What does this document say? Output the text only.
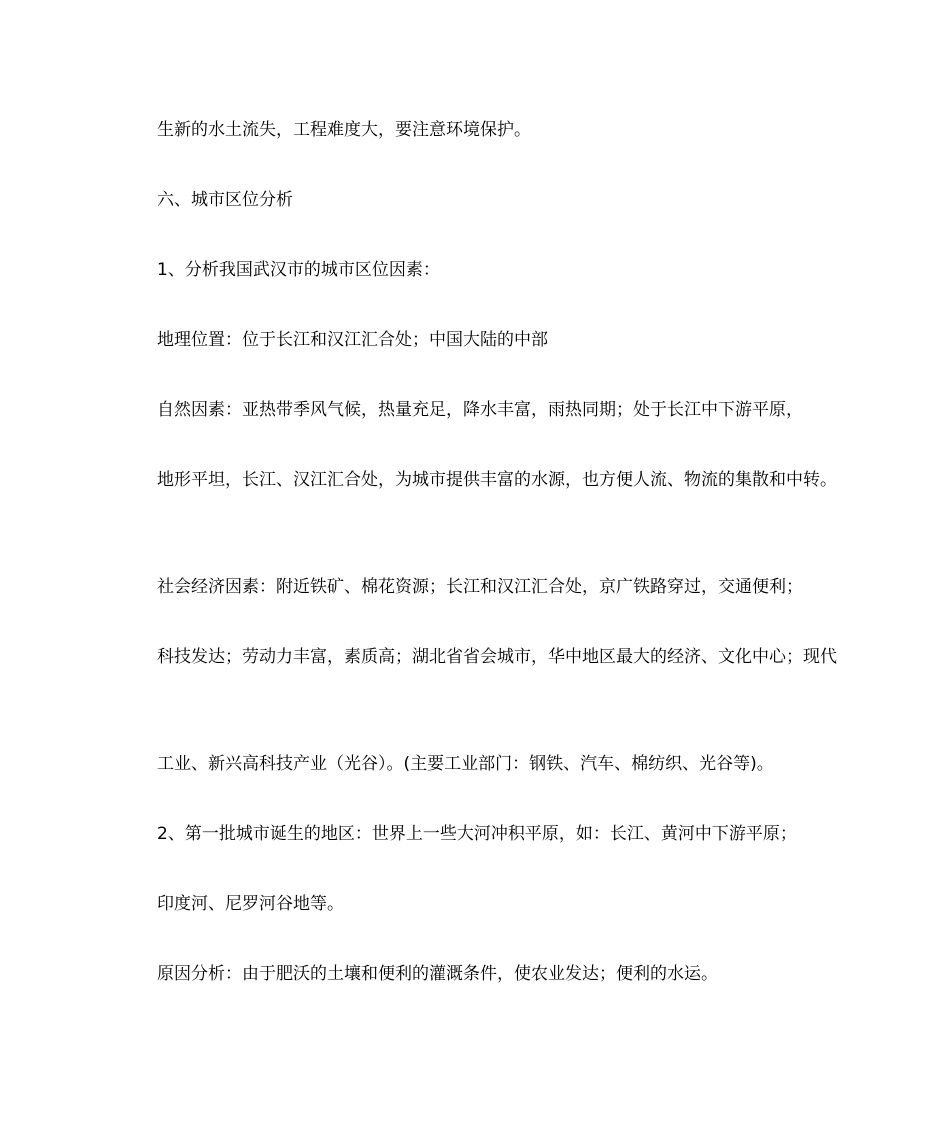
生新的水土流失，工程难度大，要注意环境保护。

六、城市区位分析

1、分析我国武汉市的城市区位因素：

地理位置：位于长江和汉江汇合处；中国大陆的中部

自然因素：亚热带季风气候，热量充足，降水丰富，雨热同期；处于长江中下游平原，

地形平坦，长江、汉江汇合处，为城市提供丰富的水源，也方便人流、物流的集散和中转。

社会经济因素：附近铁矿、棉花资源；长江和汉江汇合处，京广铁路穿过，交通便利；

科技发达；劳动力丰富，素质高；湖北省省会城市，华中地区最大的经济、文化中心；现代

工业、新兴高科技产业（光谷）。(主要工业部门：钢铁、汽车、棉纺织、光谷等)。

2、第一批城市诞生的地区：世界上一些大河冲积平原，如：长江、黄河中下游平原；

印度河、尼罗河谷地等。

原因分析：由于肥沃的土壤和便利的灌溉条件，使农业发达；便利的水运。
